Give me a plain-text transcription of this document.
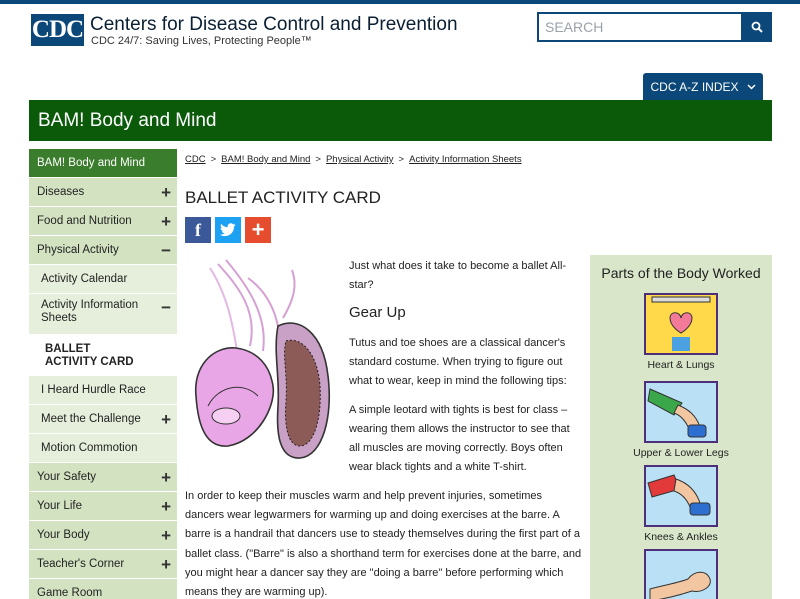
CDC Centers for Disease Control and Prevention
CDC 24/7: Saving Lives, Protecting People™
SEARCH
CDC A-Z INDEX
BAM! Body and Mind
BAM! Body and Mind
Diseases	+
Food and Nutrition +
Physical Activity −
Activity Calendar
Activity Information Sheets
−
BALLET ACTIVITY CARD
I Heard Hurdle Race
Meet the Challenge +
Motion Commotion
Your Safety	+
Your Life	+
Your Body	+
Teacher's Corner +
Game Room
CDC > BAM! Body and Mind > Physical Activity > Activity Information Sheets
BALLET ACTIVITY CARD
f +

Just what does it take to become a ballet All-star?

Gear Up

Tutus and toe shoes are a classical dancer's standard costume. When trying to figure out what to wear, keep in mind the following tips:

A simple leotard with tights is best for class – wearing them allows the instructor to see that all muscles are moving correctly. Boys often wear black tights and a white T-shirt.

In order to keep their muscles warm and help prevent injuries, sometimes dancers wear legwarmers for warming up and doing exercises at the barre. A barre is a handrail that dancers use to steady themselves during the first part of a ballet class. ("Barre" is also a shorthand term for exercises done at the barre, and you might hear a dancer say they are "doing a barre" before performing which means they are warming up).

Parts of the Body Worked
Heart & Lungs
Upper & Lower Legs
Knees & Ankles
